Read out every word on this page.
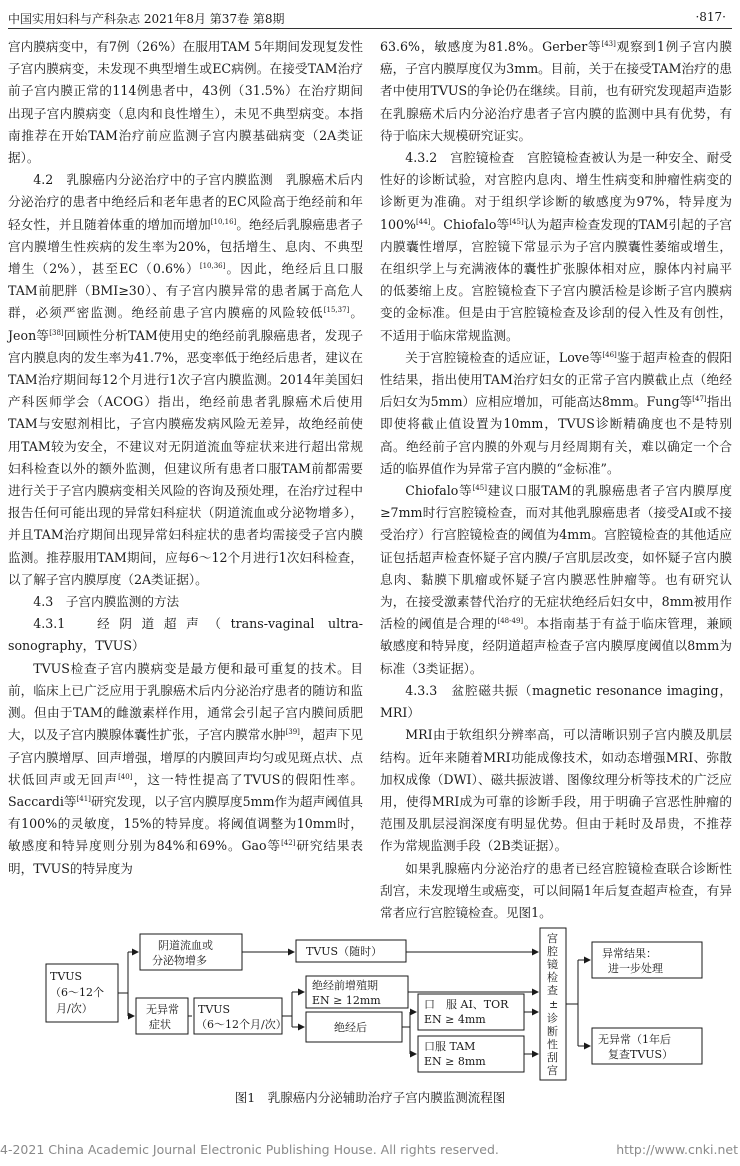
中国实用妇科与产科杂志 2021年8月 第37卷 第8期	·817·

宫内膜病变中，有7例（26%）在服用TAM 5年期间发现复发性子宫内膜病变，未发现不典型增生或EC病例。在接受TAM治疗前子宫内膜正常的114例患者中，43例（31.5%）在治疗期间出现子宫内膜病变（息肉和良性增生），未见不典型病变。本指南推荐在开始TAM治疗前应监测子宫内膜基础病变（2A类证据）。

4.2　乳腺癌内分泌治疗中的子宫内膜监测　乳腺癌术后内分泌治疗的患者中绝经后和老年患者的EC风险高于绝经前和年轻女性，并且随着体重的增加而增加[10,16]。绝经后乳腺癌患者子宫内膜增生性疾病的发生率为20%，包括增生、息肉、不典型增生（2%），甚至EC（0.6%）[10,36]。因此，绝经后且口服TAM前肥胖（BMI≥30）、有子宫内膜异常的患者属于高危人群，必须严密监测。绝经前患子宫内膜癌的风险较低[15,37]。Jeon等[38]回顾性分析TAM使用史的绝经前乳腺癌患者，发现子宫内膜息肉的发生率为41.7%，恶变率低于绝经后患者，建议在TAM治疗期间每12个月进行1次子宫内膜监测。2014年美国妇产科医师学会（ACOG）指出，绝经前患者乳腺癌术后使用TAM与安慰剂相比，子宫内膜癌发病风险无差异，故绝经前使用TAM较为安全，不建议对无阴道流血等症状来进行超出常规妇科检查以外的额外监测，但建议所有患者口服TAM前都需要进行关于子宫内膜病变相关风险的咨询及预处理，在治疗过程中报告任何可能出现的异常妇科症状（阴道流血或分泌物增多），并且TAM治疗期间出现异常妇科症状的患者均需接受子宫内膜监测。推荐服用TAM期间，应每6～12个月进行1次妇科检查，以了解子宫内膜厚度（2A类证据）。

4.3　子宫内膜监测的方法

4.3.1　经阴道超声（trans-vaginal ultra-sonography，TVUS）

TVUS检查子宫内膜病变是最方便和最可重复的技术。目前，临床上已广泛应用于乳腺癌术后内分泌治疗患者的随访和监测。但由于TAM的雌激素样作用，通常会引起子宫内膜间质肥大，以及子宫内膜腺体囊性扩张，子宫内膜常水肿[39]，超声下见子宫内膜增厚、回声增强，增厚的内膜回声均匀或见斑点状、点状低回声或无回声[40]，这一特性提高了TVUS的假阳性率。Saccardi等[41]研究发现，以子宫内膜厚度5mm作为超声阈值具有100%的灵敏度，15%的特异度。将阈值调整为10mm时，敏感度和特异度则分别为84%和69%。Gao等[42]研究结果表明，TVUS的特异度为

63.6%，敏感度为81.8%。Gerber等[43]观察到1例子宫内膜癌，子宫内膜厚度仅为3mm。目前，关于在接受TAM治疗的患者中使用TVUS的争论仍在继续。目前，也有研究发现超声造影在乳腺癌术后内分泌治疗患者子宫内膜的监测中具有优势，有待于临床大规模研究证实。

4.3.2　宫腔镜检查　宫腔镜检查被认为是一种安全、耐受性好的诊断试验，对宫腔内息肉、增生性病变和肿瘤性病变的诊断更为准确。对于组织学诊断的敏感度为97%，特异度为100%[44]。Chiofalo等[45]认为超声检查发现的TAM引起的子宫内膜囊性增厚，宫腔镜下常显示为子宫内膜囊性萎缩或增生，在组织学上与充满液体的囊性扩张腺体相对应，腺体内衬扁平的低萎缩上皮。宫腔镜检查下子宫内膜活检是诊断子宫内膜病变的金标准。但是由于宫腔镜检查及诊刮的侵入性及有创性，不适用于临床常规监测。

关于宫腔镜检查的适应证，Love等[46]鉴于超声检查的假阳性结果，指出使用TAM治疗妇女的正常子宫内膜截止点（绝经后妇女为5mm）应相应增加，可能高达8mm。Fung等[47]指出即使将截止值设置为10mm，TVUS诊断精确度也不是特别高。绝经前子宫内膜的外观与月经周期有关，难以确定一个合适的临界值作为异常子宫内膜的“金标准”。

Chiofalo等[45]建议口服TAM的乳腺癌患者子宫内膜厚度≥7mm时行宫腔镜检查，而对其他乳腺癌患者（接受AI或不接受治疗）行宫腔镜检查的阈值为4mm。宫腔镜检查的其他适应证包括超声检查怀疑子宫内膜/子宫肌层改变，如怀疑子宫内膜息肉、黏膜下肌瘤或怀疑子宫内膜恶性肿瘤等。也有研究认为，在接受激素替代治疗的无症状绝经后妇女中，8mm被用作活检的阈值是合理的[48-49]。本指南基于有益于临床管理，兼顾敏感度和特异度，经阴道超声检查子宫内膜厚度阈值以8mm为标准（3类证据）。

4.3.3　盆腔磁共振（magnetic resonance imaging，MRI）

MRI由于软组织分辨率高，可以清晰识别子宫内膜及肌层结构。近年来随着MRI功能成像技术，如动态增强MRI、弥散加权成像（DWI）、磁共振波谱、图像纹理分析等技术的广泛应用，使得MRI成为可靠的诊断手段，用于明确子宫恶性肿瘤的范围及肌层浸润深度有明显优势。但由于耗时及昂贵，不推荐作为常规监测手段（2B类证据）。

如果乳腺癌内分泌治疗的患者已经宫腔镜检查联合诊断性刮宫，未发现增生或癌变，可以间隔1年后复查超声检查，有异常者应行宫腔镜检查。见图1。

TVUS
（6～12个
月/次）
阴道流血或
分泌物增多
TVUS（随时）
无异常
症状
TVUS
（6～12个月/次）
绝经前增殖期
EN ≥ 12mm
绝经后
口　服 AI、TOR
EN ≥ 4mm
口服 TAM
EN ≥ 8mm
宫
腔
镜
检
查
±
诊
断
性
刮
宫
异常结果：
进一步处理
无异常（1年后
复查TVUS）
图1　乳腺癌内分泌辅助治疗子宫内膜监测流程图
4-2021 China Academic Journal Electronic Publishing House. All rights reserved.	http://www.cnki.net
